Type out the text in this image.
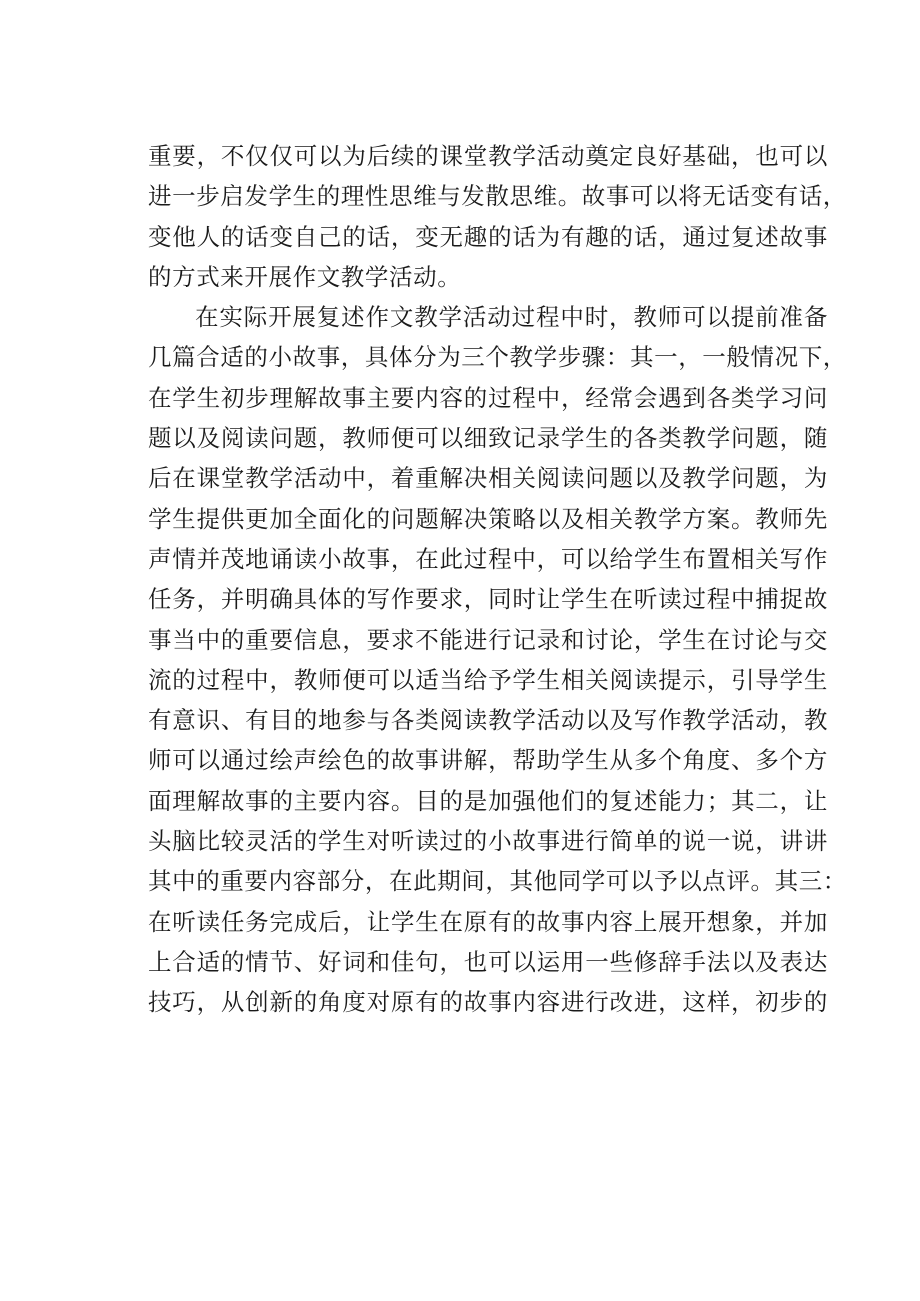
重要，不仅仅可以为后续的课堂教学活动奠定良好基础，也可以
进一步启发学生的理性思维与发散思维。故事可以将无话变有话，
变他人的话变自己的话，变无趣的话为有趣的话，通过复述故事
的方式来开展作文教学活动。
在实际开展复述作文教学活动过程中时，教师可以提前准备
几篇合适的小故事，具体分为三个教学步骤：其一，一般情况下，
在学生初步理解故事主要内容的过程中，经常会遇到各类学习问
题以及阅读问题，教师便可以细致记录学生的各类教学问题，随
后在课堂教学活动中，着重解决相关阅读问题以及教学问题，为
学生提供更加全面化的问题解决策略以及相关教学方案。教师先
声情并茂地诵读小故事，在此过程中，可以给学生布置相关写作
任务，并明确具体的写作要求，同时让学生在听读过程中捕捉故
事当中的重要信息，要求不能进行记录和讨论，学生在讨论与交
流的过程中，教师便可以适当给予学生相关阅读提示，引导学生
有意识、有目的地参与各类阅读教学活动以及写作教学活动，教
师可以通过绘声绘色的故事讲解，帮助学生从多个角度、多个方
面理解故事的主要内容。目的是加强他们的复述能力；其二，让
头脑比较灵活的学生对听读过的小故事进行简单的说一说，讲讲
其中的重要内容部分，在此期间，其他同学可以予以点评。其三：
在听读任务完成后，让学生在原有的故事内容上展开想象，并加
上合适的情节、好词和佳句，也可以运用一些修辞手法以及表达
技巧，从创新的角度对原有的故事内容进行改进，这样，初步的
